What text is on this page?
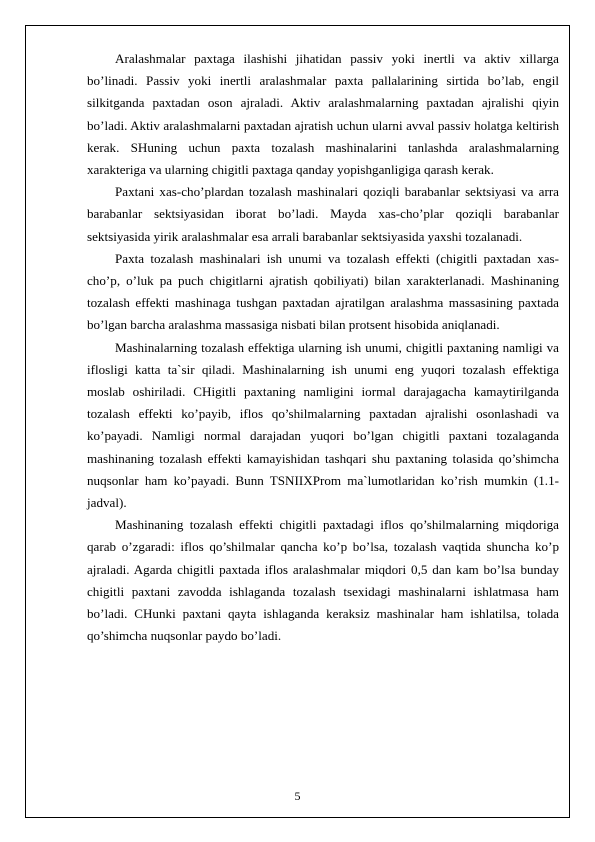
Aralashmalar paxtaga ilashishi jihatidan passiv yoki inertli va aktiv xillarga bo’linadi. Passiv yoki inertli aralashmalar paxta pallalarining sirtida bo’lab, engil silkitganda paxtadan oson ajraladi. Aktiv aralashmalarning paxtadan ajralishi qiyin bo’ladi. Aktiv aralashmalarni paxtadan ajratish uchun ularni avval passiv holatga keltirish kerak. SHuning uchun paxta tozalash mashinalarini tanlashda aralashmalarning xarakteriga va ularning chigitli paxtaga qanday yopishganligiga qarash kerak.

Paxtani xas-cho’plardan tozalash mashinalari qoziqli barabanlar sektsiyasi va arra barabanlar sektsiyasidan iborat bo’ladi. Mayda xas-cho’plar qoziqli barabanlar sektsiyasida yirik aralashmalar esa arrali barabanlar sektsiyasida yaxshi tozalanadi.

Paxta tozalash mashinalari ish unumi va tozalash effekti (chigitli paxtadan xas-cho’p, o’luk pa puch chigitlarni ajratish qobiliyati) bilan xarakterlanadi. Mashinaning tozalash effekti mashinaga tushgan paxtadan ajratilgan aralashma massasining paxtada bo’lgan barcha aralashma massasiga nisbati bilan protsent hisobida aniqlanadi.

Mashinalarning tozalash effektiga ularning ish unumi, chigitli paxtaning namligi va iflosligi katta ta`sir qiladi. Mashinalarning ish unumi eng yuqori tozalash effektiga moslab oshiriladi. CHigitli paxtaning namligini iormal darajagacha kamaytirilganda tozalash effekti ko’payib, iflos qo’shilmalarning paxtadan ajralishi osonlashadi va ko’payadi. Namligi normal darajadan yuqori bo’lgan chigitli paxtani tozalaganda mashinaning tozalash effekti kamayishidan tashqari shu paxtaning tolasida qo’shimcha nuqsonlar ham ko’payadi. Bunn TSNIIXProm ma`lumotlaridan ko’rish mumkin (1.1-jadval).

Mashinaning tozalash effekti chigitli paxtadagi iflos qo’shilmalarning miqdoriga qarab o’zgaradi: iflos qo’shilmalar qancha ko’p bo’lsa, tozalash vaqtida shuncha ko’p ajraladi. Agarda chigitli paxtada iflos aralashmalar miqdori 0,5 dan kam bo’lsa bunday chigitli paxtani zavodda ishlaganda tozalash tsexidagi mashinalarni ishlatmasa ham bo’ladi. CHunki paxtani qayta ishlaganda keraksiz mashinalar ham ishlatilsa, tolada qo’shimcha nuqsonlar paydo bo’ladi.

5
